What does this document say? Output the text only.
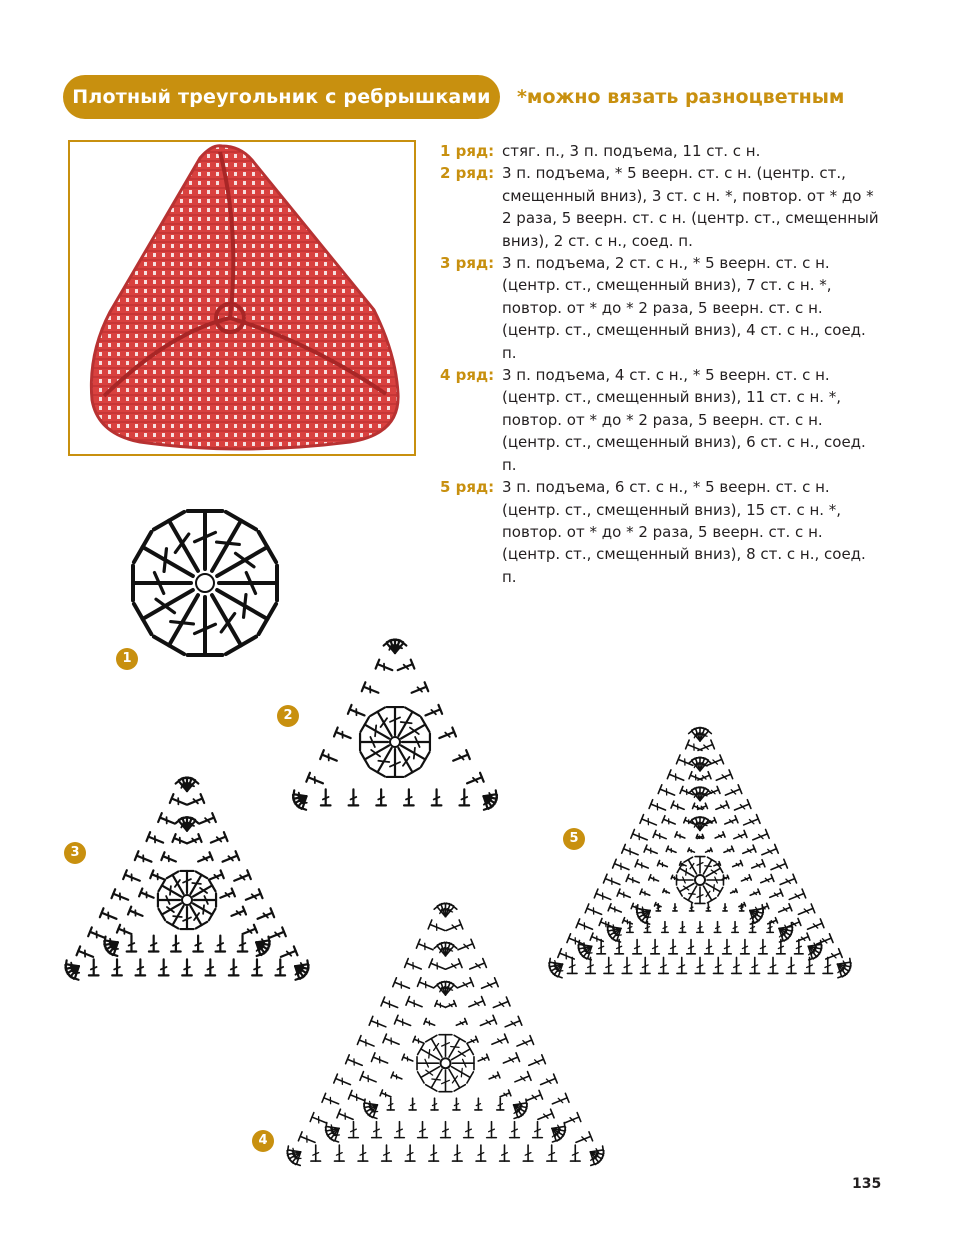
Плотный треугольник с ребрышками	*можно вязать разноцветным
1 ряд: стяг. п., 3 п. подъема, 11 ст. с н.
2 ряд: 3 п. подъема, * 5 веерн. ст. с н. (центр. ст., смещенный вниз), 3 ст. с н. *, повтор. от * до * 2 раза, 5 веерн. ст. с н. (центр. ст., смещенный вниз), 2 ст. с н., соед. п.
3 ряд: 3 п. подъема, 2 ст. с н., * 5 веерн. ст. с н. (центр. ст., смещенный вниз), 7 ст. с н. *, повтор. от * до * 2 раза, 5 веерн. ст. с н. (центр. ст., смещенный вниз), 4 ст. с н., соед. п.
4 ряд: 3 п. подъема, 4 ст. с н., * 5 веерн. ст. с н. (центр. ст., смещенный вниз), 11 ст. с н. *, повтор. от * до * 2 раза, 5 веерн. ст. с н. (центр. ст., смещенный вниз), 6 ст. с н., соед. п.
5 ряд: 3 п. подъема, 6 ст. с н., * 5 веерн. ст. с н. (центр. ст., смещенный вниз), 15 ст. с н. *, повтор. от * до * 2 раза, 5 веерн. ст. с н. (центр. ст., смещенный вниз), 8 ст. с н., соед. п.
1
2
3
4
5
135
